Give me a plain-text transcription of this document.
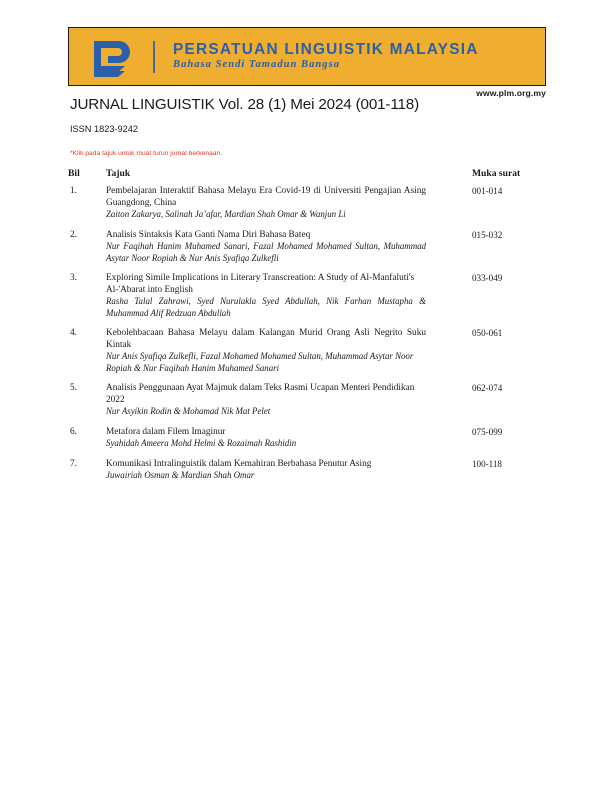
PERSATUAN LINGUISTIK MALAYSIA
Bahasa Sendi Tamadun Bangsa
www.plm.org.my
JURNAL LINGUISTIK Vol. 28 (1) Mei 2024 (001-118)
ISSN 1823-9242
*Klik pada tajuk untuk muat turun jurnal berkenaan.
Bil	Tajuk	Muka surat
1.	Pembelajaran Interaktif Bahasa Melayu Era Covid-19 di Universiti Pengajian Asing Guangdong, China
Zaiton Zakarya, Salinah Ja’afar, Mardian Shah Omar & Wanjun Li
001-014
2.	Analisis Sintaksis Kata Ganti Nama Diri Bahasa Bateq
Nur Faqihah Hanim Muhamed Sanari, Fazal Mohamed Mohamed Sultan, Muhammad Asytar Noor Ropiah & Nur Anis Syafiqa Zulkefli
015-032
3.	Exploring Simile Implications in Literary Transcreation: A Study of Al-Manfaluti's Al-'Abarat into English
Rasha Talal Zahrawi, Syed Nurulakla Syed Abdullah, Nik Farhan Mustapha & Muhammad Alif Redzuan Abdullah
033-049
4.	Kebolehbacaan Bahasa Melayu dalam Kalangan Murid Orang Asli Negrito Suku Kintak
Nur Anis Syafiqa Zulkefli, Fazal Mohamed Mohamed Sultan, Muhammad Asytar Noor Ropiah & Nur Faqihah Hanim Muhamed Sanari
050-061
5.	Analisis Penggunaan Ayat Majmuk dalam Teks Rasmi Ucapan Menteri Pendidikan 2022
Nur Asyikin Rodin & Mohamad Nik Mat Pelet
062-074
6.	Metafora dalam Filem Imaginur
Syahidah Ameera Mohd Helmi & Rozaimah Rashidin
075-099
7.	Komunikasi Intralinguistik dalam Kemahiran Berbahasa Penutur Asing
Juwairiah Osman & Mardian Shah Omar
100-118
